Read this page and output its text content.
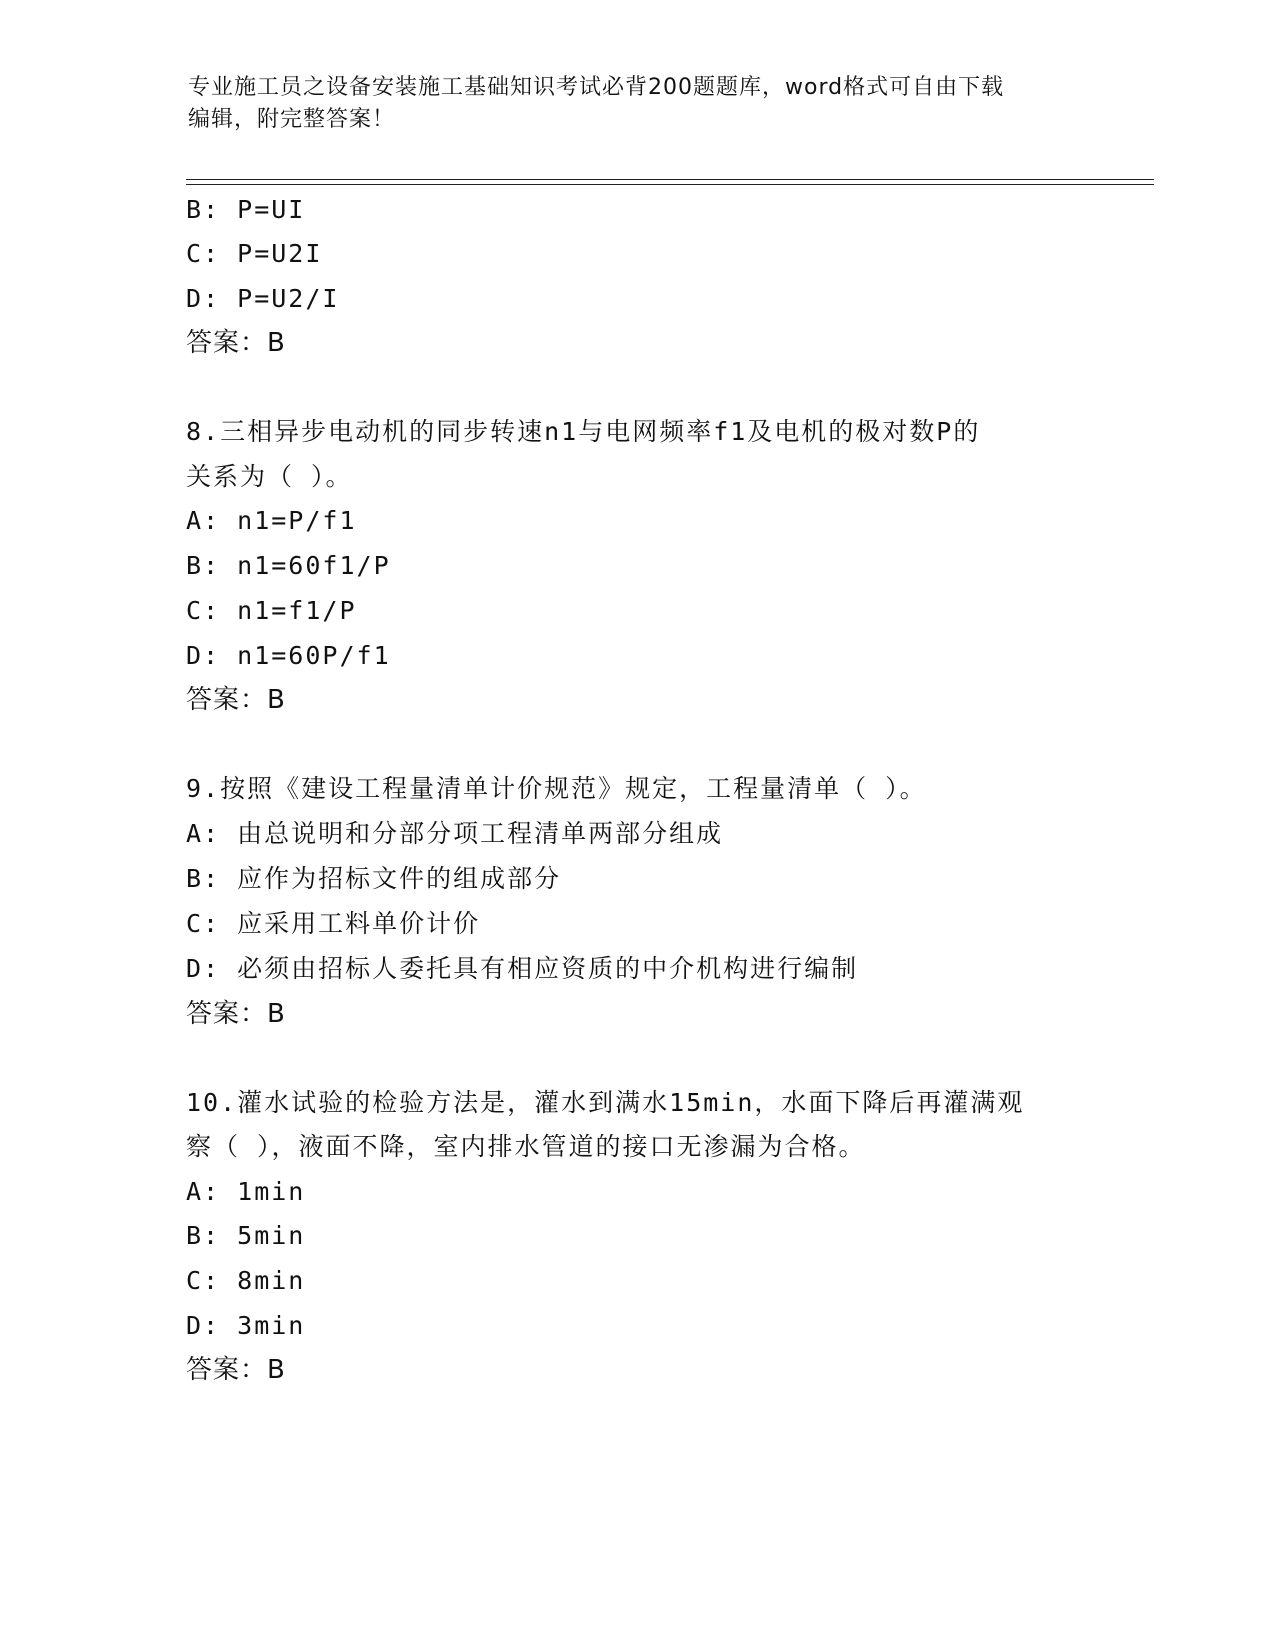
专业施工员之设备安装施工基础知识考试必背200题题库，word格式可自由下载
编辑，附完整答案！
B: P=UI
C: P=U2I
D: P=U2/I
答案：B
8.三相异步电动机的同步转速n1与电网频率f1及电机的极对数P的
关系为（ ）。
A: n1=P/f1
B: n1=60f1/P
C: n1=f1/P
D: n1=60P/f1
答案：B
9.按照《建设工程量清单计价规范》规定，工程量清单（ ）。
A: 由总说明和分部分项工程清单两部分组成
B: 应作为招标文件的组成部分
C: 应采用工料单价计价
D: 必须由招标人委托具有相应资质的中介机构进行编制
答案：B
10.灌水试验的检验方法是，灌水到满水15min，水面下降后再灌满观
察（ ），液面不降，室内排水管道的接口无渗漏为合格。
A: 1min
B: 5min
C: 8min
D: 3min
答案：B
